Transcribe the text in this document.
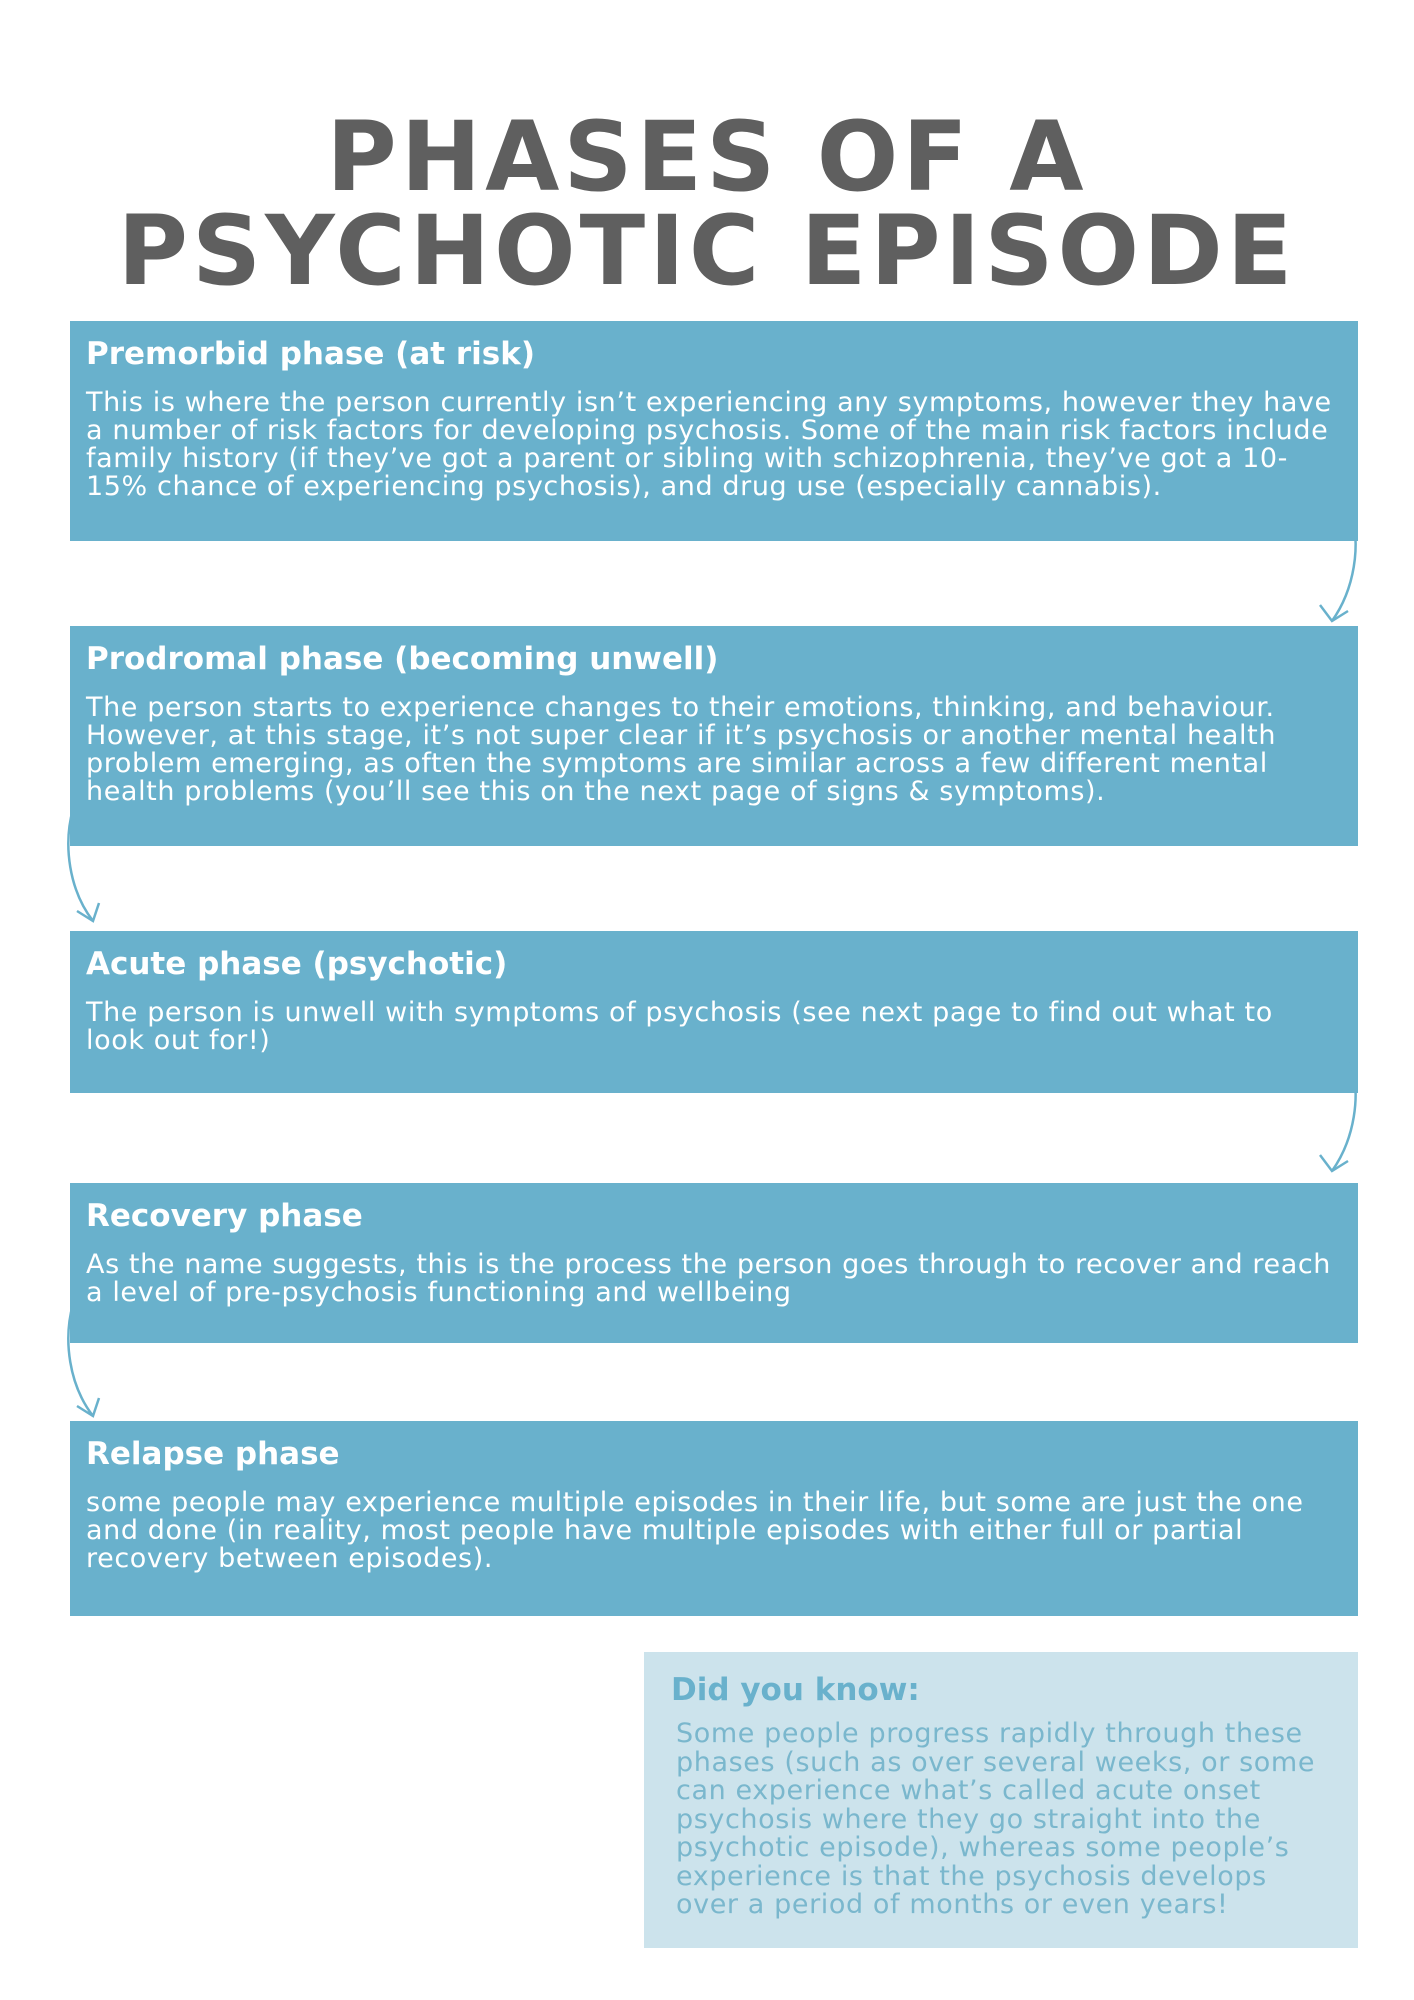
PHASES OF A
PSYCHOTIC EPISODE
Premorbid phase (at risk)

This is where the person currently isn’t experiencing any symptoms, however they have a number of risk factors for developing psychosis. Some of the main risk factors include family history (if they’ve got a parent or sibling with schizophrenia, they’ve got a 10-15% chance of experiencing psychosis), and drug use (especially cannabis).

Prodromal phase (becoming unwell)

The person starts to experience changes to their emotions, thinking, and behaviour. However, at this stage, it’s not super clear if it’s psychosis or another mental health problem emerging, as often the symptoms are similar across a few different mental health problems (you’ll see this on the next page of signs & symptoms).

Acute phase (psychotic)

The person is unwell with symptoms of psychosis (see next page to find out what to look out for!)

Recovery phase

As the name suggests, this is the process the person goes through to recover and reach a level of pre-psychosis functioning and wellbeing

Relapse phase

some people may experience multiple episodes in their life, but some are just the one and done (in reality, most people have multiple episodes with either full or partial recovery between episodes).

Did you know:

Some people progress rapidly through these phases (such as over several weeks, or some can experience what’s called acute onset psychosis where they go straight into the psychotic episode), whereas some people’s experience is that the psychosis develops over a period of months or even years!
